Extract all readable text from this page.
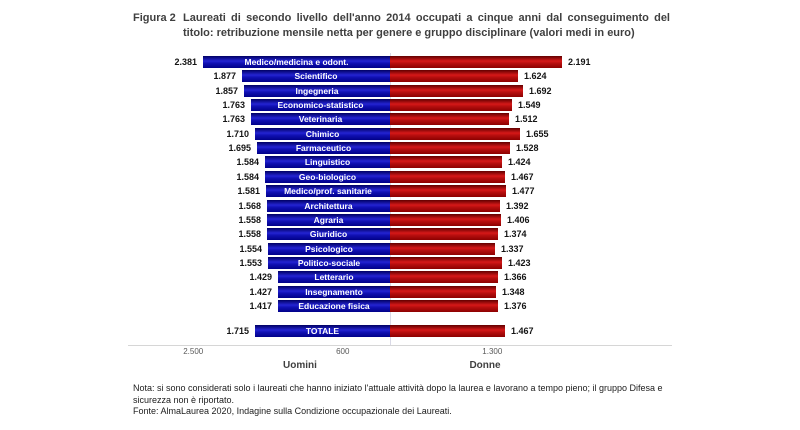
Figura 2 Laureati di secondo livello dell'anno 2014 occupati a cinque anni dal conseguimento del titolo: retribuzione mensile netta per genere e gruppo disciplinare (valori medi in euro)
2.381	Medico/medicina e odont.	2.191
1.877	Scientifico	1.624
1.857	Ingegneria	1.692
1.763	Economico-statistico	1.549
1.763	Veterinaria	1.512
1.710	Chimico	1.655
1.695	Farmaceutico	1.528
1.584	Linguistico	1.424
1.584	Geo-biologico	1.467
1.581	Medico/prof. sanitarie	1.477
1.568	Architettura	1.392
1.558	Agraria	1.406
1.558	Giuridico	1.374
1.554	Psicologico	1.337
1.553	Politico-sociale	1.423
1.429	Letterario	1.366
1.427	Insegnamento	1.348
1.417	Educazione fisica	1.376
1.715	TOTALE	1.467
2.500	600	1.300
Uomini	Donne

Nota: si sono considerati solo i laureati che hanno iniziato l'attuale attività dopo la laurea e lavorano a tempo pieno; il gruppo Difesa e sicurezza non è riportato.

Fonte: AlmaLaurea 2020, Indagine sulla Condizione occupazionale dei Laureati.
